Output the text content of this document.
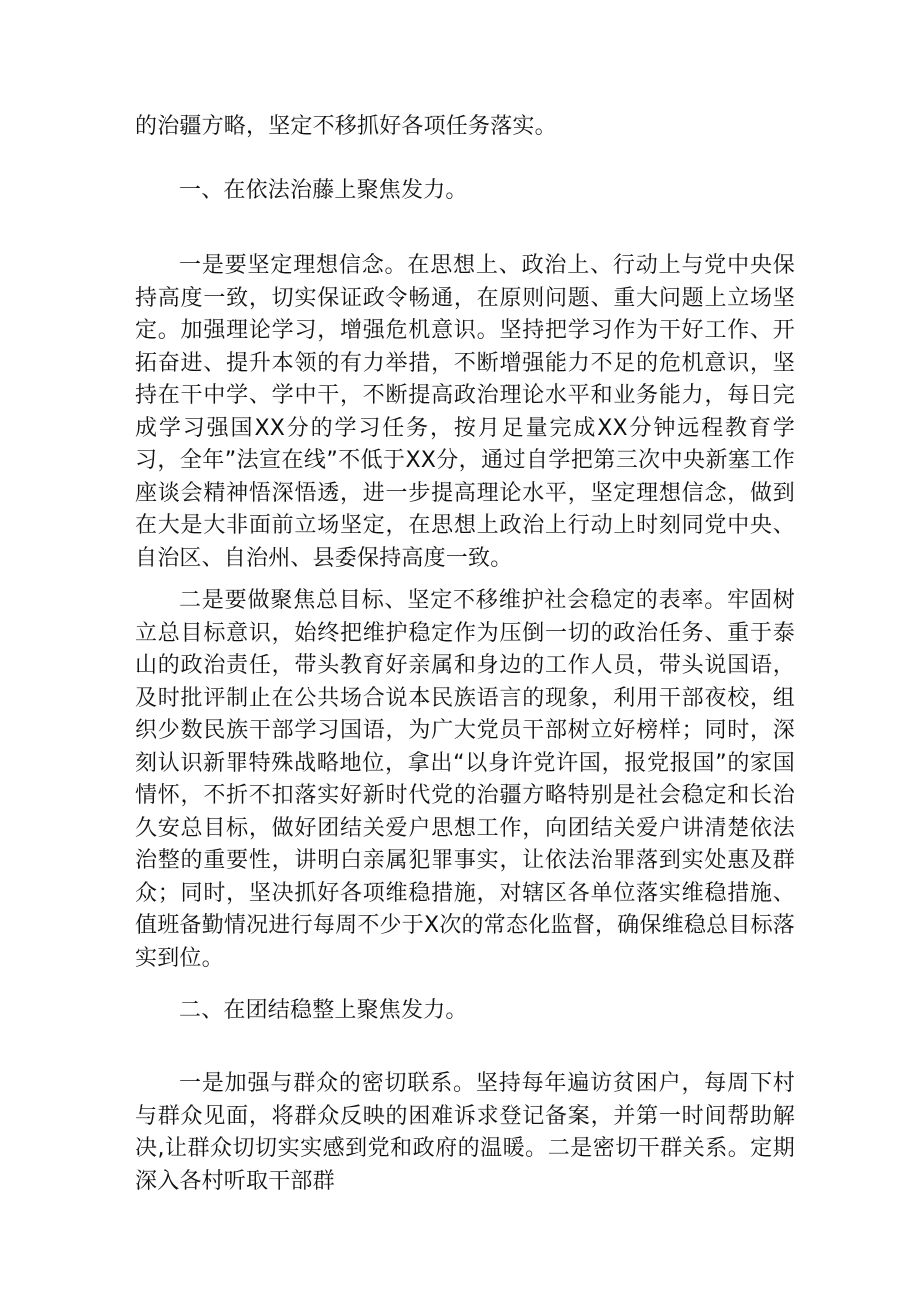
的治疆方略，坚定不移抓好各项任务落实。

一、在依法治藤上聚焦发力。

一是要坚定理想信念。在思想上、政治上、行动上与党中央保持高度一致，切实保证政令畅通，在原则问题、重大问题上立场坚定。加强理论学习，增强危机意识。坚持把学习作为干好工作、开拓奋进、提升本领的有力举措，不断增强能力不足的危机意识，坚持在干中学、学中干，不断提高政治理论水平和业务能力，每日完成学习强国XX分的学习任务，按月足量完成XX分钟远程教育学习，全年”法宣在线”不低于XX分，通过自学把第三次中央新塞工作座谈会精神悟深悟透，进一步提高理论水平，坚定理想信念，做到在大是大非面前立场坚定，在思想上政治上行动上时刻同党中央、自治区、自治州、县委保持高度一致。

二是要做聚焦总目标、坚定不移维护社会稳定的表率。牢固树立总目标意识，始终把维护稳定作为压倒一切的政治任务、重于泰山的政治责任，带头教育好亲属和身边的工作人员，带头说国语，及时批评制止在公共场合说本民族语言的现象，利用干部夜校，组织少数民族干部学习国语，为广大党员干部树立好榜样；同时，深刻认识新罪特殊战略地位，拿出“以身许党许国，报党报国”的家国情怀，不折不扣落实好新时代党的治疆方略特别是社会稳定和长治久安总目标，做好团结关爱户思想工作，向团结关爱户讲清楚依法治整的重要性，讲明白亲属犯罪事实，让依法治罪落到实处惠及群众；同时，坚决抓好各项维稳措施，对辖区各单位落实维稳措施、值班备勤情况进行每周不少于X次的常态化监督，确保维稳总目标落实到位。

二、在团结稳整上聚焦发力。

一是加强与群众的密切联系。坚持每年遍访贫困户，每周下村与群众见面，将群众反映的困难诉求登记备案，并第一时间帮助解决,让群众切切实实感到党和政府的温暖。二是密切干群关系。定期深入各村听取干部群
